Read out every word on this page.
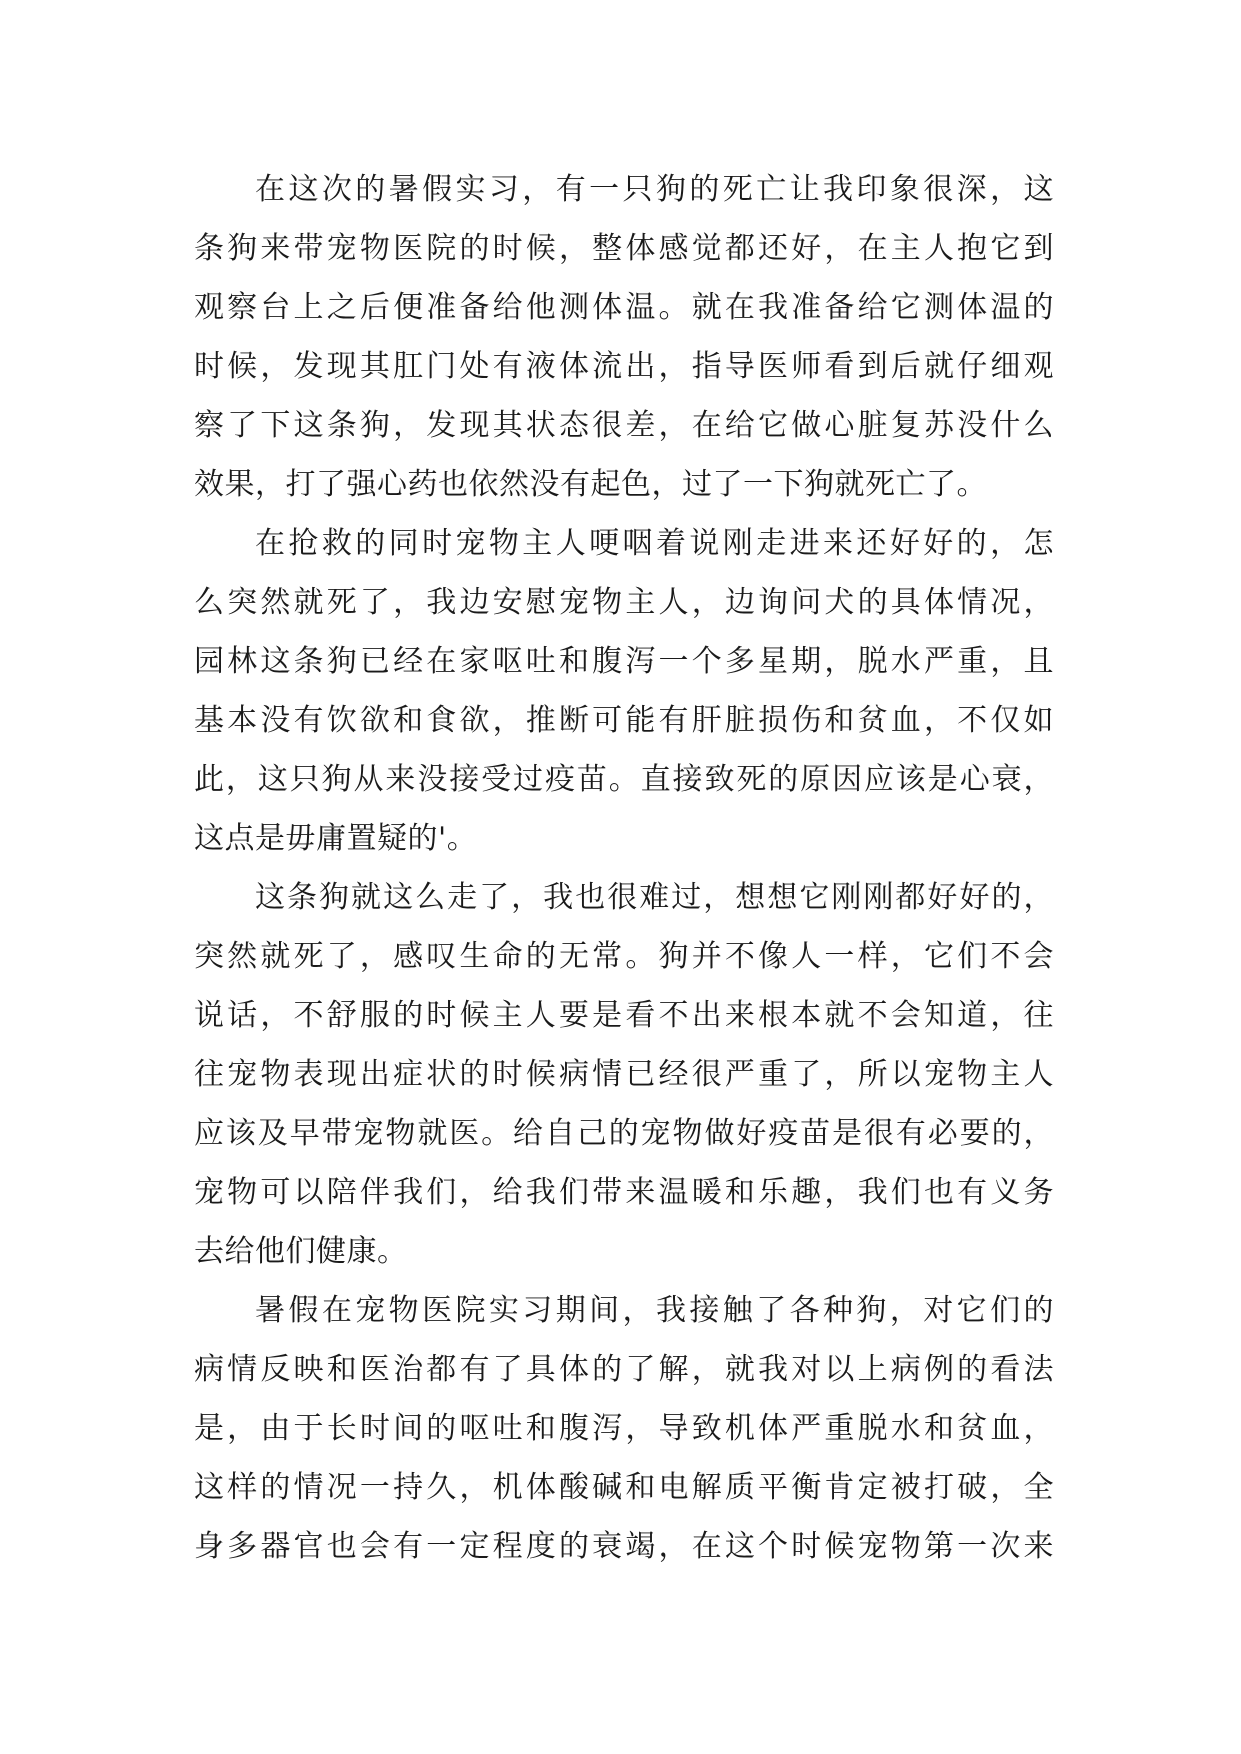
在这次的暑假实习，有一只狗的死亡让我印象很深，这
条狗来带宠物医院的时候，整体感觉都还好，在主人抱它到
观察台上之后便准备给他测体温。就在我准备给它测体温的
时候，发现其肛门处有液体流出，指导医师看到后就仔细观
察了下这条狗，发现其状态很差，在给它做心脏复苏没什么
效果，打了强心药也依然没有起色，过了一下狗就死亡了。
在抢救的同时宠物主人哽咽着说刚走进来还好好的，怎
么突然就死了，我边安慰宠物主人，边询问犬的具体情况，
园林这条狗已经在家呕吐和腹泻一个多星期，脱水严重，且
基本没有饮欲和食欲，推断可能有肝脏损伤和贫血，不仅如
此，这只狗从来没接受过疫苗。直接致死的原因应该是心衰，
这点是毋庸置疑的'。
这条狗就这么走了，我也很难过，想想它刚刚都好好的，
突然就死了，感叹生命的无常。狗并不像人一样，它们不会
说话，不舒服的时候主人要是看不出来根本就不会知道，往
往宠物表现出症状的时候病情已经很严重了，所以宠物主人
应该及早带宠物就医。给自己的宠物做好疫苗是很有必要的，
宠物可以陪伴我们，给我们带来温暖和乐趣，我们也有义务
去给他们健康。
暑假在宠物医院实习期间，我接触了各种狗，对它们的
病情反映和医治都有了具体的了解，就我对以上病例的看法
是，由于长时间的呕吐和腹泻，导致机体严重脱水和贫血，
这样的情况一持久，机体酸碱和电解质平衡肯定被打破，全
身多器官也会有一定程度的衰竭，在这个时候宠物第一次来
